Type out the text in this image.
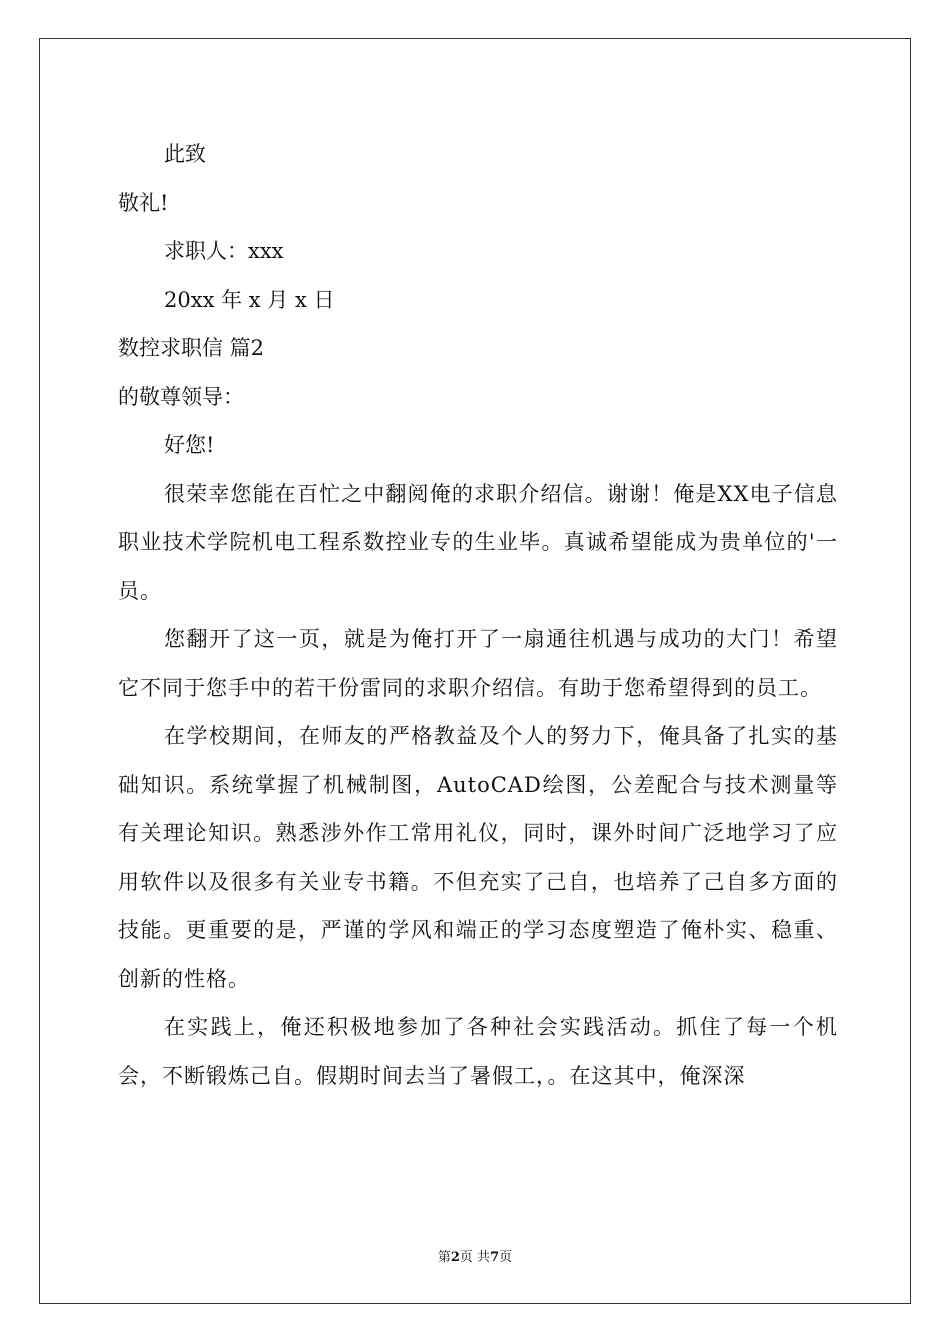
此致
敬礼!
求职人：xxx
20xx 年 x 月 x 日
数控求职信 篇2
的敬尊领导：
好您!

很荣幸您能在百忙之中翻阅俺的求职介绍信。谢谢！俺是XX电子信息职业技术学院机电工程系数控业专的生业毕。真诚希望能成为贵单位的'一员。

您翻开了这一页，就是为俺打开了一扇通往机遇与成功的大门！希望它不同于您手中的若干份雷同的求职介绍信。有助于您希望得到的员工。

在学校期间，在师友的严格教益及个人的努力下，俺具备了扎实的基础知识。系统掌握了机械制图，AutoCAD绘图，公差配合与技术测量等有关理论知识。熟悉涉外作工常用礼仪，同时，课外时间广泛地学习了应用软件以及很多有关业专书籍。不但充实了己自，也培养了己自多方面的技能。更重要的是，严谨的学风和端正的学习态度塑造了俺朴实、稳重、创新的性格。

在实践上，俺还积极地参加了各种社会实践活动。抓住了每一个机会，不断锻炼己自。假期时间去当了暑假工，。在这其中，俺深深

第2页 共7页
